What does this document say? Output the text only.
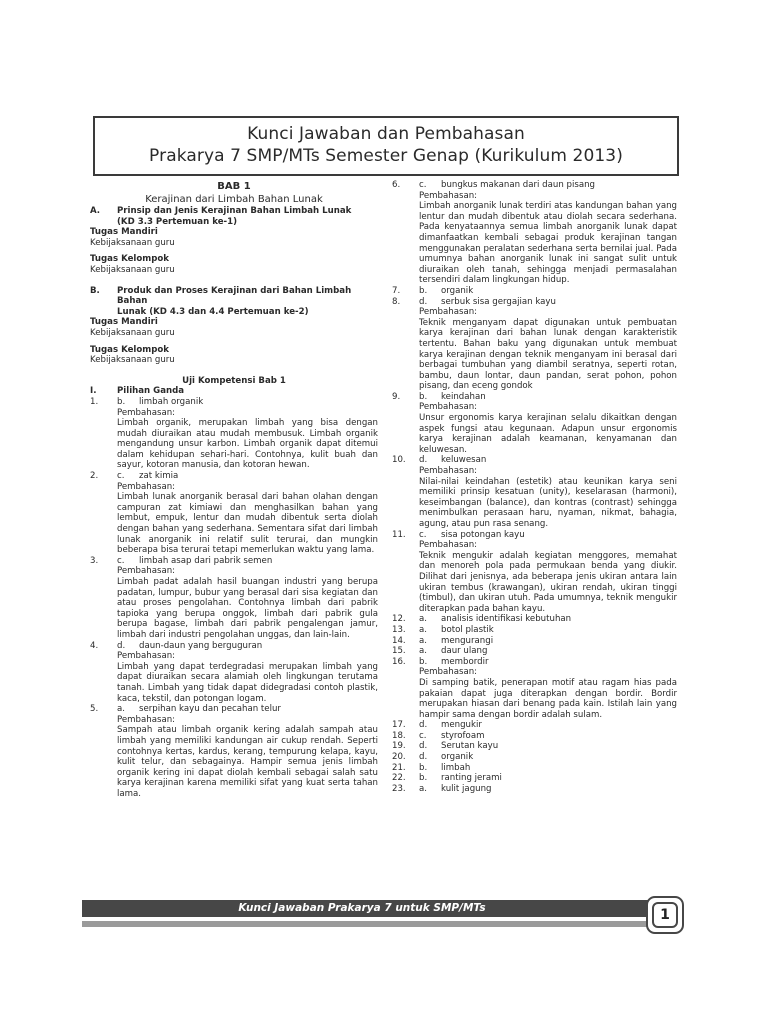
Kunci Jawaban dan Pembahasan
Prakarya 7 SMP/MTs Semester Genap (Kurikulum 2013)
BAB 1
Kerajinan dari Limbah Bahan Lunak
A.	Prinsip dan Jenis Kerajinan Bahan Limbah Lunak
(KD 3.3 Pertemuan ke-1)
Tugas Mandiri
Kebijaksanaan guru
Tugas Kelompok
Kebijaksanaan guru
B.	Produk dan Proses Kerajinan dari Bahan Limbah Bahan
Lunak (KD 4.3 dan 4.4 Pertemuan ke-2)
Tugas Mandiri
Kebijaksanaan guru
Tugas Kelompok
Kebijaksanaan guru
Uji Kompetensi Bab 1
I.	Pilihan Ganda
1.	b.	limbah organik
Pembahasan:

Limbah organik, merupakan limbah yang bisa dengan mudah diuraikan atau mudah membusuk. Limbah organik mengandung unsur karbon. Limbah organik dapat ditemui dalam kehidupan sehari-hari. Contohnya, kulit buah dan sayur, kotoran manusia, dan kotoran hewan.

2.	c.	zat kimia
Pembahasan:

Limbah lunak anorganik berasal dari bahan olahan dengan campuran zat kimiawi dan menghasilkan bahan yang lembut, empuk, lentur dan mudah dibentuk serta diolah dengan bahan yang sederhana. Sementara sifat dari limbah lunak anorganik ini relatif sulit terurai, dan mungkin beberapa bisa terurai tetapi memerlukan waktu yang lama.

3.	c.	limbah asap dari pabrik semen
Pembahasan:

Limbah padat adalah hasil buangan industri yang berupa padatan, lumpur, bubur yang berasal dari sisa kegiatan dan atau proses pengolahan. Contohnya limbah dari pabrik tapioka yang berupa onggok, limbah dari pabrik gula berupa bagase, limbah dari pabrik pengalengan jamur, limbah dari industri pengolahan unggas, dan lain-lain.

4.	d.	daun-daun yang berguguran
Pembahasan:

Limbah yang dapat terdegradasi merupakan limbah yang dapat diuraikan secara alamiah oleh lingkungan terutama tanah. Limbah yang tidak dapat didegradasi contoh plastik, kaca, tekstil, dan potongan logam.

5.	a.	serpihan kayu dan pecahan telur
Pembahasan:

Sampah atau limbah organik kering adalah sampah atau limbah yang memiliki kandungan air cukup rendah. Seperti contohnya kertas, kardus, kerang, tempurung kelapa, kayu, kulit telur, dan sebagainya. Hampir semua jenis limbah organik kering ini dapat diolah kembali sebagai salah satu karya kerajinan karena memiliki sifat yang kuat serta tahan lama.

6.	c.	bungkus makanan dari daun pisang
Pembahasan:

Limbah anorganik lunak terdiri atas kandungan bahan yang lentur dan mudah dibentuk atau diolah secara sederhana. Pada kenyataannya semua limbah anorganik lunak dapat dimanfaatkan kembali sebagai produk kerajinan tangan menggunakan peralatan sederhana serta bernilai jual. Pada umumnya bahan anorganik lunak ini sangat sulit untuk diuraikan oleh tanah, sehingga menjadi permasalahan tersendiri dalam lingkungan hidup.

7.	b.	organik
8.	d.	serbuk sisa gergajian kayu
Pembahasan:

Teknik menganyam dapat digunakan untuk pembuatan karya kerajinan dari bahan lunak dengan karakteristik tertentu. Bahan baku yang digunakan untuk membuat karya kerajinan dengan teknik menganyam ini berasal dari berbagai tumbuhan yang diambil seratnya, seperti rotan, bambu, daun lontar, daun pandan, serat pohon, pohon pisang, dan eceng gondok

9.	b.	keindahan
Pembahasan:

Unsur ergonomis karya kerajinan selalu dikaitkan dengan aspek fungsi atau kegunaan. Adapun unsur ergonomis karya kerajinan adalah keamanan, kenyamanan dan keluwesan.

10.	d.	keluwesan
Pembahasan:

Nilai-nilai keindahan (estetik) atau keunikan karya seni memiliki prinsip kesatuan (unity), keselarasan (harmoni), keseimbangan (balance), dan kontras (contrast) sehingga menimbulkan perasaan haru, nyaman, nikmat, bahagia, agung, atau pun rasa senang.

11.	c.	sisa potongan kayu
Pembahasan:

Teknik mengukir adalah kegiatan menggores, memahat dan menoreh pola pada permukaan benda yang diukir. Dilihat dari jenisnya, ada beberapa jenis ukiran antara lain ukiran tembus (krawangan), ukiran rendah, ukiran tinggi (timbul), dan ukiran utuh. Pada umumnya, teknik mengukir diterapkan pada bahan kayu.

12.	a.	analisis identifikasi kebutuhan
13.	a.	botol plastik
14.	a.	mengurangi
15.	a.	daur ulang
16.	b.	membordir
Pembahasan:

Di samping batik, penerapan motif atau ragam hias pada pakaian dapat juga diterapkan dengan bordir. Bordir merupakan hiasan dari benang pada kain. Istilah lain yang hampir sama dengan bordir adalah sulam.

17.	d.	mengukir
18.	c.	styrofoam
19.	d.	Serutan kayu
20.	d.	organik
21.	b.	limbah
22.	b.	ranting jerami
23.	a.	kulit jagung
Kunci Jawaban Prakarya 7 untuk SMP/MTs	1
